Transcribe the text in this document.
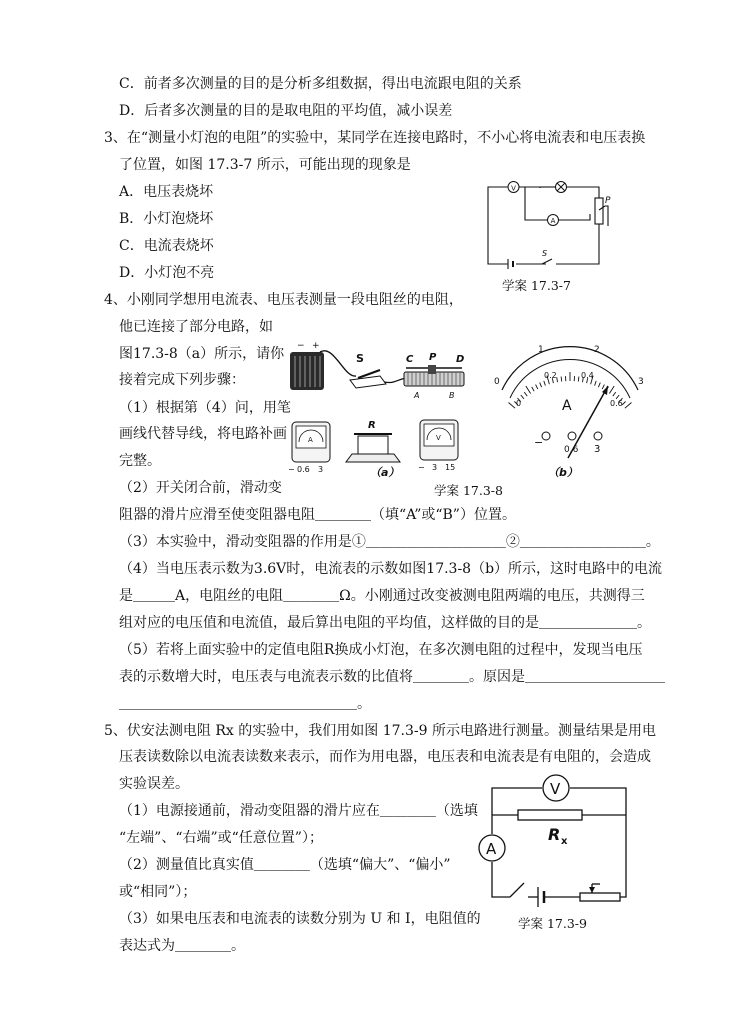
C．前者多次测量的目的是分析多组数据，得出电流跟电阻的关系
D．后者多次测量的目的是取电阻的平均值，减小误差
3、在“测量小灯泡的电阻”的实验中，某同学在连接电路时，不小心将电流表和电压表换
了位置，如图 17.3-7 所示，可能出现的现象是
A．电压表烧坏
B．小灯泡烧坏
C．电流表烧坏
D．小灯泡不亮
4、小刚同学想用电流表、电压表测量一段电阻丝的电阻，
他已连接了部分电路，如
图17.3-8（a）所示，请你
接着完成下列步骤：
（1）根据第（4）问，用笔
画线代替导线，将电路补画
完整。
（2）开关闭合前，滑动变
阻器的滑片应滑至使变阻器电阻＿＿＿＿（填“A”或“B”）位置。
（3）本实验中，滑动变阻器的作用是①＿＿＿＿＿＿＿＿＿＿②＿＿＿＿＿＿＿＿＿。
（4）当电压表示数为3.6V时，电流表的示数如图17.3-8（b）所示，这时电路中的电流
是＿＿＿A，电阻丝的电阻＿＿＿＿Ω。小刚通过改变被测电阻两端的电压，共测得三
组对应的电压值和电流值，最后算出电阻的平均值，这样做的目的是＿＿＿＿＿＿＿。
（5）若将上面实验中的定值电阻R换成小灯泡，在多次测电阻的过程中，发现当电压
表的示数增大时，电压表与电流表示数的比值将＿＿＿＿。原因是＿＿＿＿＿＿＿＿＿＿
＿＿＿＿＿＿＿＿＿＿＿＿＿＿＿＿＿。
5、伏安法测电阻 Rx 的实验中，我们用如图 17.3-9 所示电路进行测量。测量结果是用电
压表读数除以电流表读数来表示，而作为用电器，电压表和电流表是有电阻的，会造成
实验误差。
（1）电源接通前，滑动变阻器的滑片应在＿＿＿＿（选填
“左端”、“右端”或“任意位置”）；
（2）测量值比真实值＿＿＿＿（选填“偏大”、“偏小”
或“相同”）；
（3）如果电压表和电流表的读数分别为 U 和 I，电阻值的
表达式为＿＿＿＿。
V
A
P
S
学案 17.3-7
− +
S	C P D
A	B
A
− 0.6 3
R
V
− 3 15
（a）
0
1	2
3
0
0.2	0.4
0.6
A
−
0.6 3
（b）
学案 17.3-8
V
A
R x
学案 17.3-9
